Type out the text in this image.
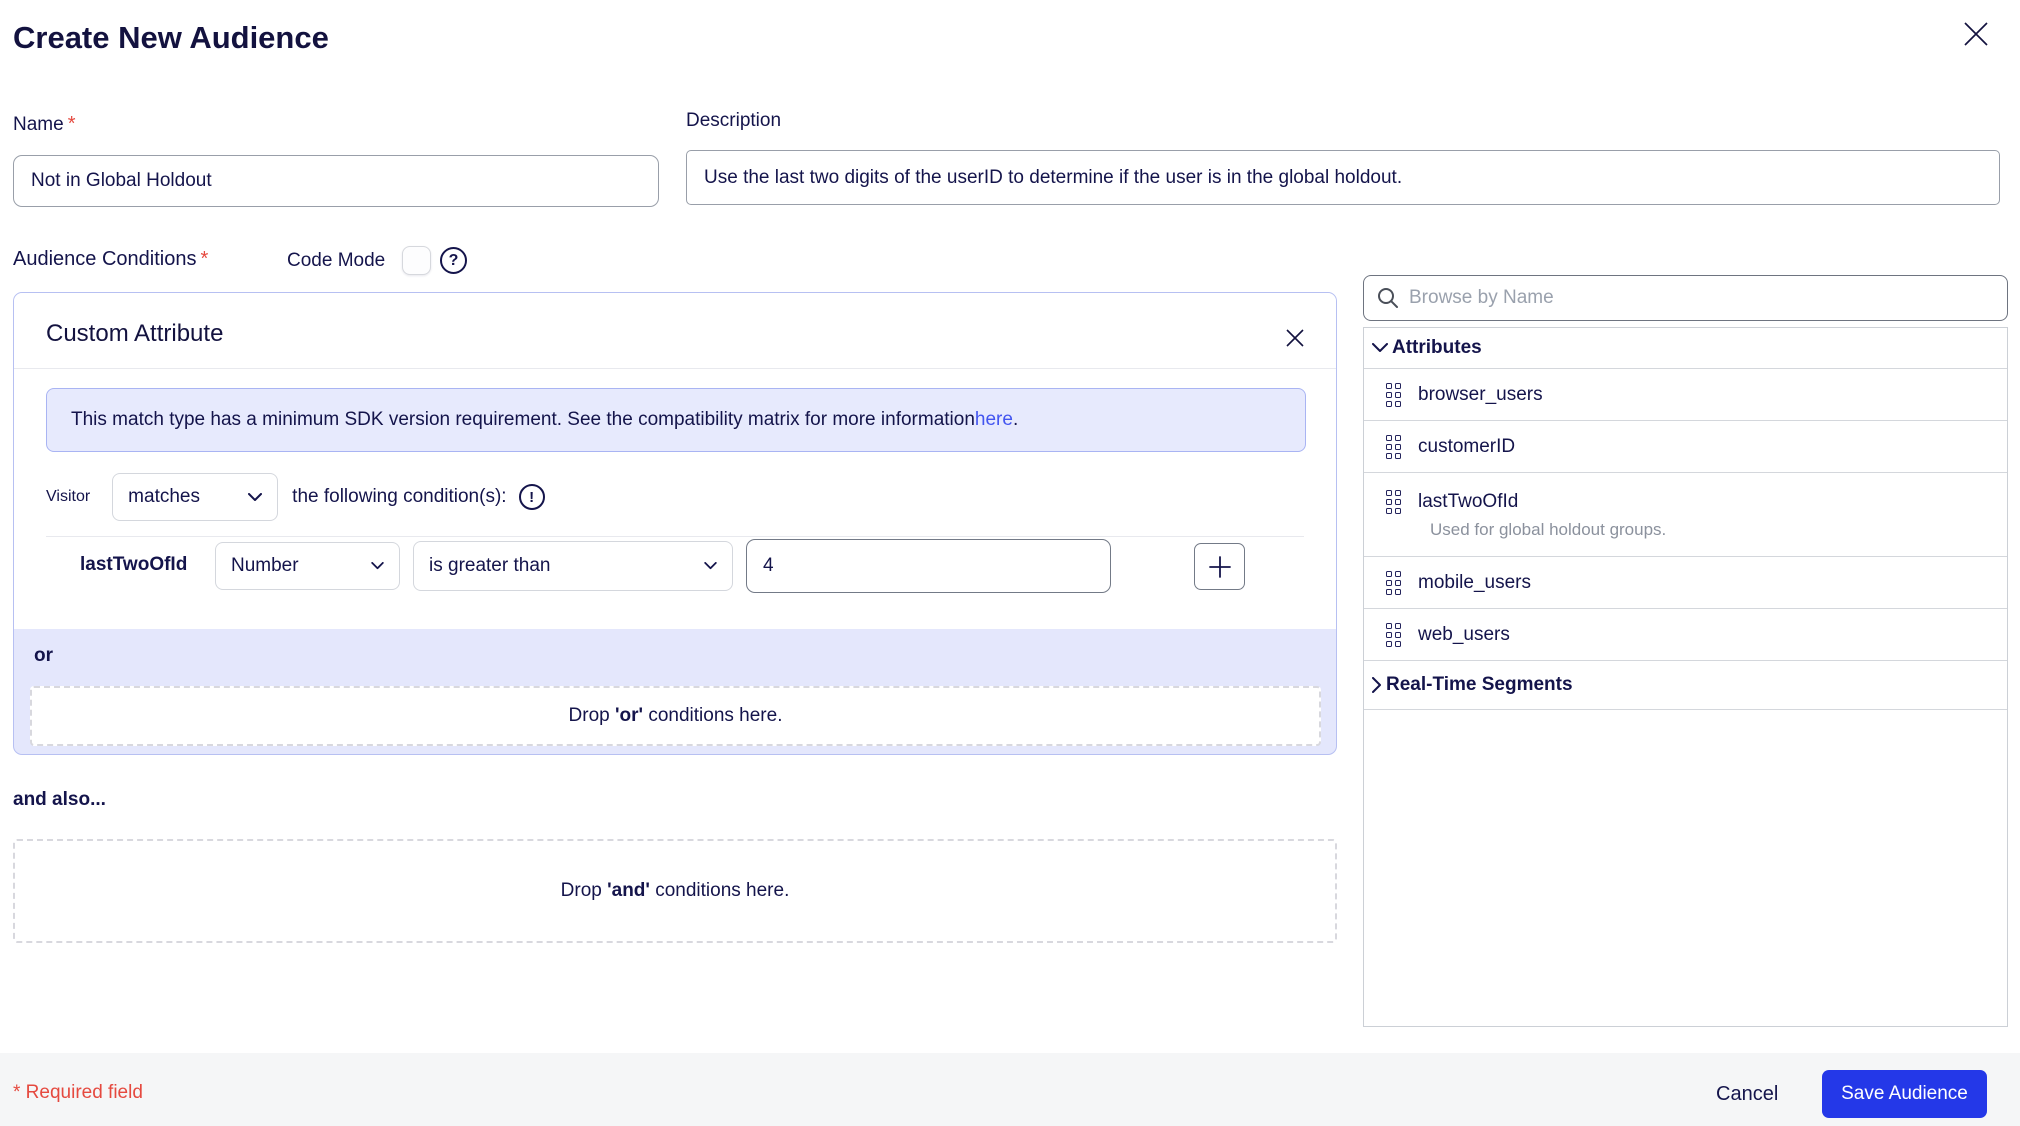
Create New Audience
Name *
Not in Global Holdout	Description
Use the last two digits of the userID to determine if the user is in the global holdout.
Audience Conditions *	Code Mode	?
Custom Attribute
This match type has a minimum SDK version requirement. See the compatibility matrix for more informationhere.
Visitor matches	the following condition(s):	!
lastTwoOfId Number	is greater than
4
or
Drop 'or' conditions here.
and also...
Drop 'and' conditions here.
Browse by Name
Attributes
browser_users
customerID
lastTwoOfId
Used for global holdout groups.
mobile_users
web_users
Real-Time Segments
* Required field	Cancel	Save Audience
